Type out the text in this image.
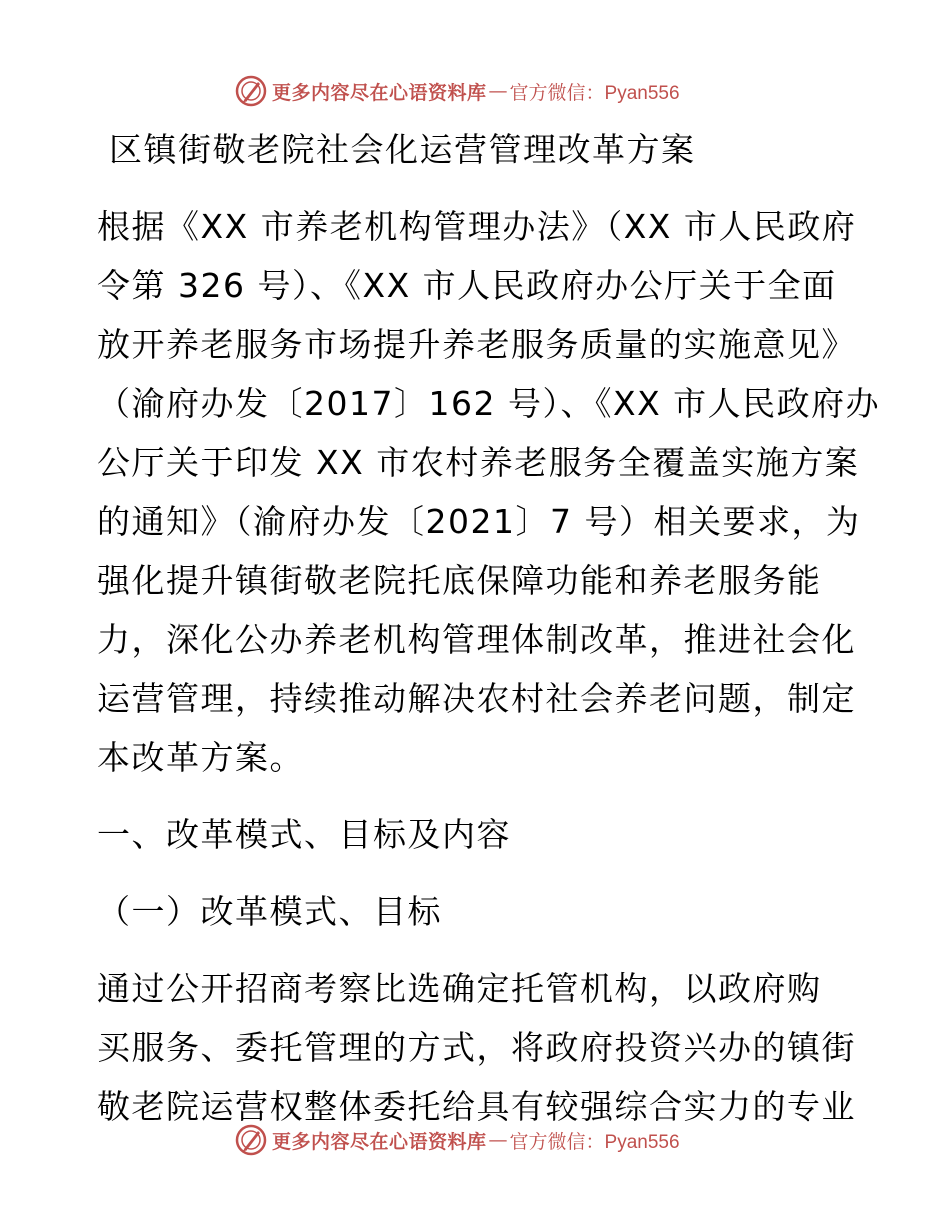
更多内容尽在心语资料库 — 官方微信：Pyan556
区镇街敬老院社会化运营管理改革方案
根据《XX 市养老机构管理办法》（XX 市人民政府
令第 326 号）、《XX 市人民政府办公厅关于全面
放开养老服务市场提升养老服务质量的实施意见》
（渝府办发〔2017〕162 号）、《XX 市人民政府办
公厅关于印发 XX 市农村养老服务全覆盖实施方案
的通知》（渝府办发〔2021〕7 号）相关要求，为
强化提升镇街敬老院托底保障功能和养老服务能
力，深化公办养老机构管理体制改革，推进社会化
运营管理，持续推动解决农村社会养老问题，制定
本改革方案。
一、改革模式、目标及内容
（一）改革模式、目标
通过公开招商考察比选确定托管机构，以政府购
买服务、委托管理的方式，将政府投资兴办的镇街
敬老院运营权整体委托给具有较强综合实力的专业
更多内容尽在心语资料库 — 官方微信：Pyan556
